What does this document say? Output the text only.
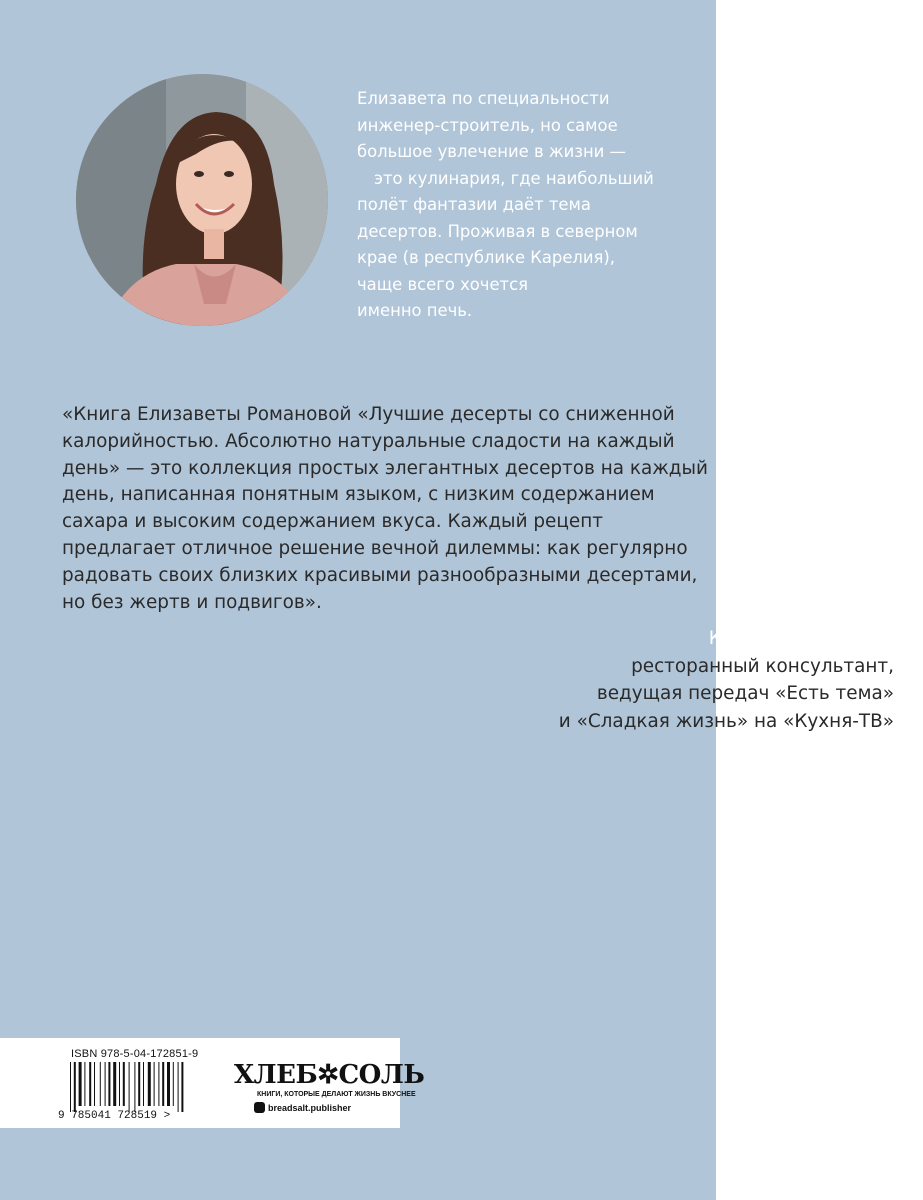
Елизавета по специальности
инженер-строитель, но самое
большое увлечение в жизни —
это кулинария, где наибольший
полёт фантазии даёт тема
десертов. Проживая в северном
крае (в республике Карелия),
чаще всего хочется
именно печь.
«Книга Елизаветы Романовой «Лучшие десерты со сниженной
калорийностью. Абсолютно натуральные сладости на каждый
день» — это коллекция простых элегантных десертов на каждый
день, написанная понятным языком, с низким содержанием
сахара и высоким содержанием вкуса. Каждый рецепт
предлагает отличное решение вечной дилеммы: как регулярно
радовать своих близких красивыми разнообразными десертами,
но без жертв и подвигов».
Катерина Агроник,
ресторанный консультант,
ведущая передач «Есть тема»
и «Сладкая жизнь» на «Кухня-ТВ»
ISBN 978-5-04-172851-9
9 785041 728519 >
ХЛЕБ✲СОЛЬ
КНИГИ, КОТОРЫЕ ДЕЛАЮТ ЖИЗНЬ ВКУСНЕЕ
breadsalt.publisher
